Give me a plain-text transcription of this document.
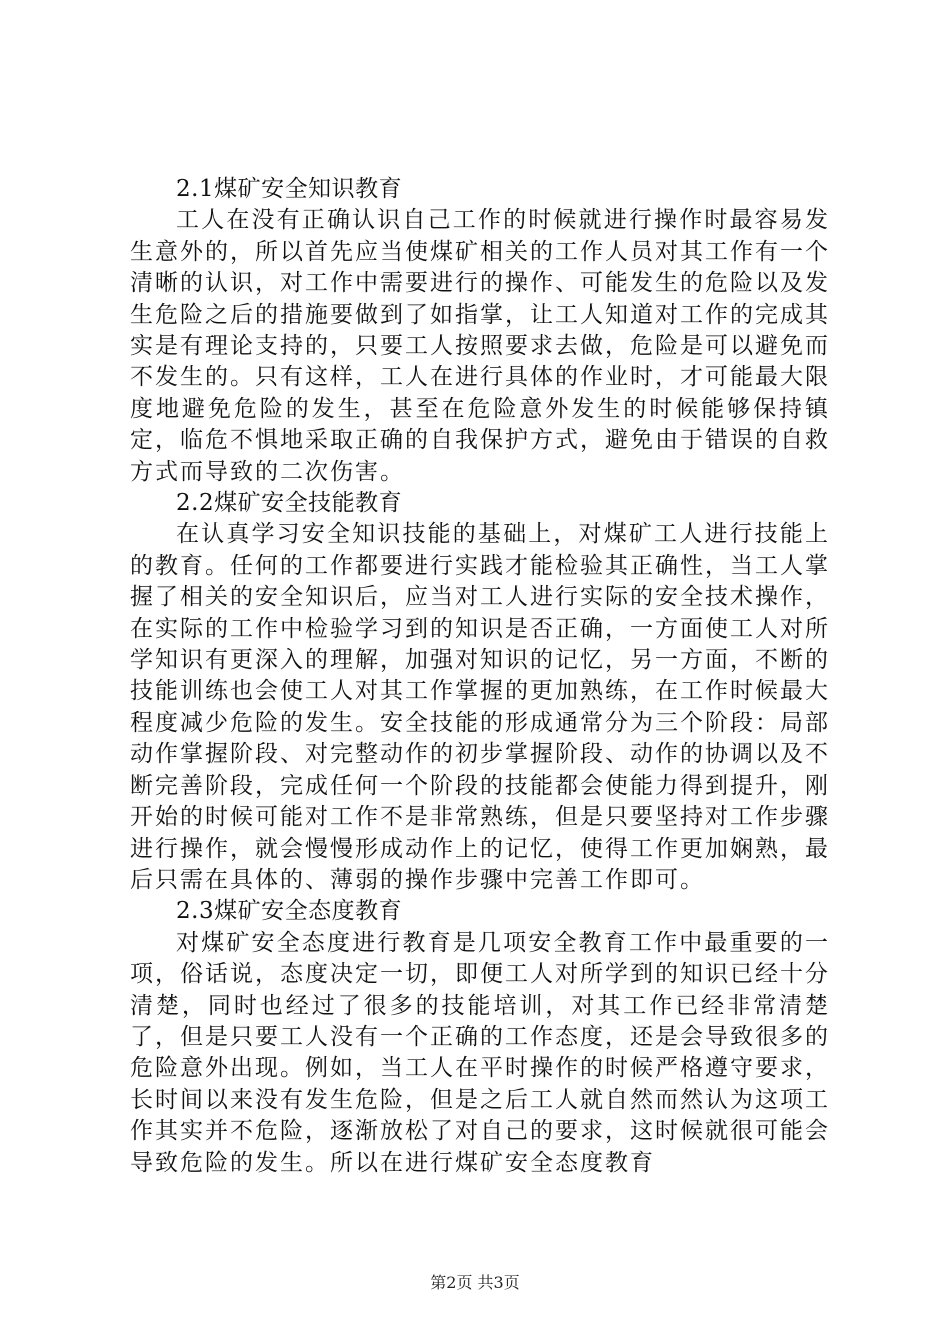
2.1煤矿安全知识教育

工人在没有正确认识自己工作的时候就进行操作时最容易发生意外的，所以首先应当使煤矿相关的工作人员对其工作有一个清晰的认识，对工作中需要进行的操作、可能发生的危险以及发生危险之后的措施要做到了如指掌，让工人知道对工作的完成其实是有理论支持的，只要工人按照要求去做，危险是可以避免而不发生的。只有这样，工人在进行具体的作业时，才可能最大限度地避免危险的发生，甚至在危险意外发生的时候能够保持镇定，临危不惧地采取正确的自我保护方式，避免由于错误的自救方式而导致的二次伤害。

2.2煤矿安全技能教育

在认真学习安全知识技能的基础上，对煤矿工人进行技能上的教育。任何的工作都要进行实践才能检验其正确性，当工人掌握了相关的安全知识后，应当对工人进行实际的安全技术操作，在实际的工作中检验学习到的知识是否正确，一方面使工人对所学知识有更深入的理解，加强对知识的记忆，另一方面，不断的技能训练也会使工人对其工作掌握的更加熟练，在工作时候最大程度减少危险的发生。安全技能的形成通常分为三个阶段：局部动作掌握阶段、对完整动作的初步掌握阶段、动作的协调以及不断完善阶段，完成任何一个阶段的技能都会使能力得到提升，刚开始的时候可能对工作不是非常熟练，但是只要坚持对工作步骤进行操作，就会慢慢形成动作上的记忆，使得工作更加娴熟，最后只需在具体的、薄弱的操作步骤中完善工作即可。

2.3煤矿安全态度教育

对煤矿安全态度进行教育是几项安全教育工作中最重要的一项，俗话说，态度决定一切，即便工人对所学到的知识已经十分清楚，同时也经过了很多的技能培训，对其工作已经非常清楚了，但是只要工人没有一个正确的工作态度，还是会导致很多的危险意外出现。例如，当工人在平时操作的时候严格遵守要求，长时间以来没有发生危险，但是之后工人就自然而然认为这项工作其实并不危险，逐渐放松了对自己的要求，这时候就很可能会导致危险的发生。所以在进行煤矿安全态度教育

第2页 共3页
